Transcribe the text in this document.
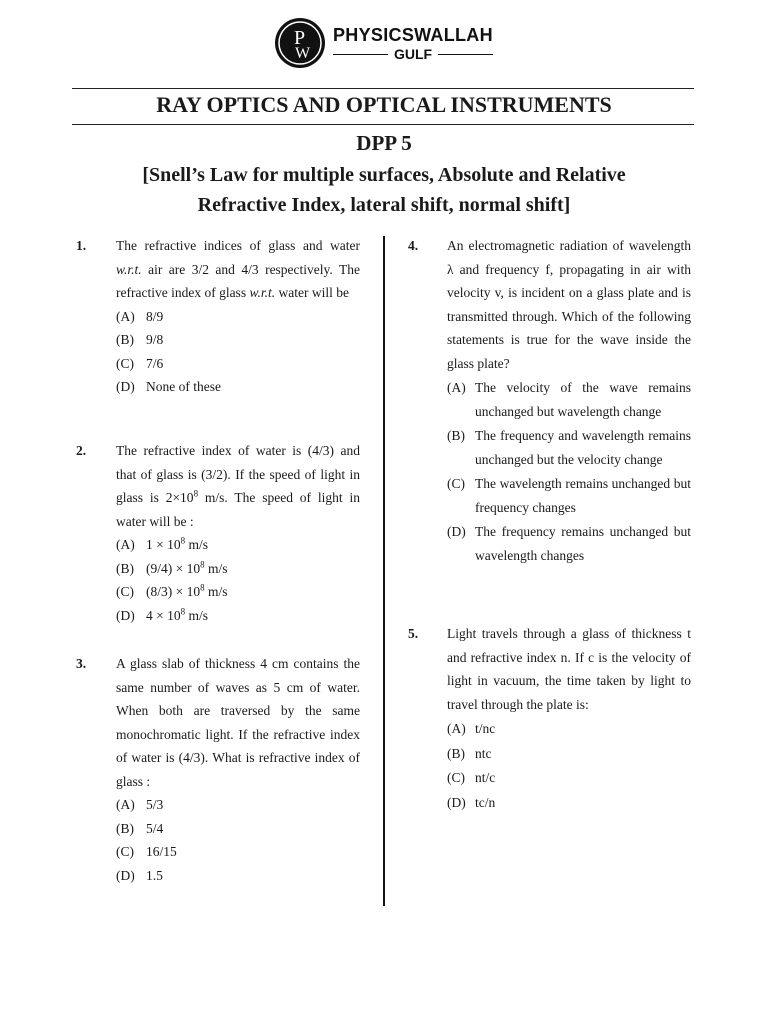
P
W
PHYSICSWALLAH
GULF
RAY OPTICS AND OPTICAL INSTRUMENTS
DPP 5
[Snell’s Law for multiple surfaces, Absolute and Relative
Refractive Index, lateral shift, normal shift]
1. The refractive indices of glass and water w.r.t. air are 3/2 and 4/3 respectively. The refractive index of glass w.r.t. water will be
(A) 8/9
(B) 9/8
(C) 7/6
(D) None of these
2. The refractive index of water is (4/3) and that of glass is (3/2). If the speed of light in glass is $2\times 10^8$ m/s. The speed of light in water will be :
(A) $1 \times 10^8$ m/s
(B) $(9/4) \times 10^8$ m/s
(C) $(8/3) \times 10^8$ m/s
(D) $4 \times 10^8$ m/s
3. A glass slab of thickness 4 cm contains the same number of waves as 5 cm of water. When both are traversed by the same monochromatic light. If the refractive index of water is (4/3). What is refractive index of glass :
(A) 5/3
(B) 5/4
(C) 16/15
(D) 1.5
4. An electromagnetic radiation of wavelength λ and frequency f, propagating in air with velocity v, is incident on a glass plate and is transmitted through. Which of the following statements is true for the wave inside the glass plate?
(A) The velocity of the wave remains unchanged but wavelength change
(B) The frequency and wavelength remains unchanged but the velocity change
(C) The wavelength remains unchanged but frequency changes
(D) The frequency remains unchanged but wavelength changes
5. Light travels through a glass of thickness t and refractive index n. If c is the velocity of light in vacuum, the time taken by light to travel through the plate is:
(A) t/nc
(B) ntc
(C) nt/c
(D) tc/n
